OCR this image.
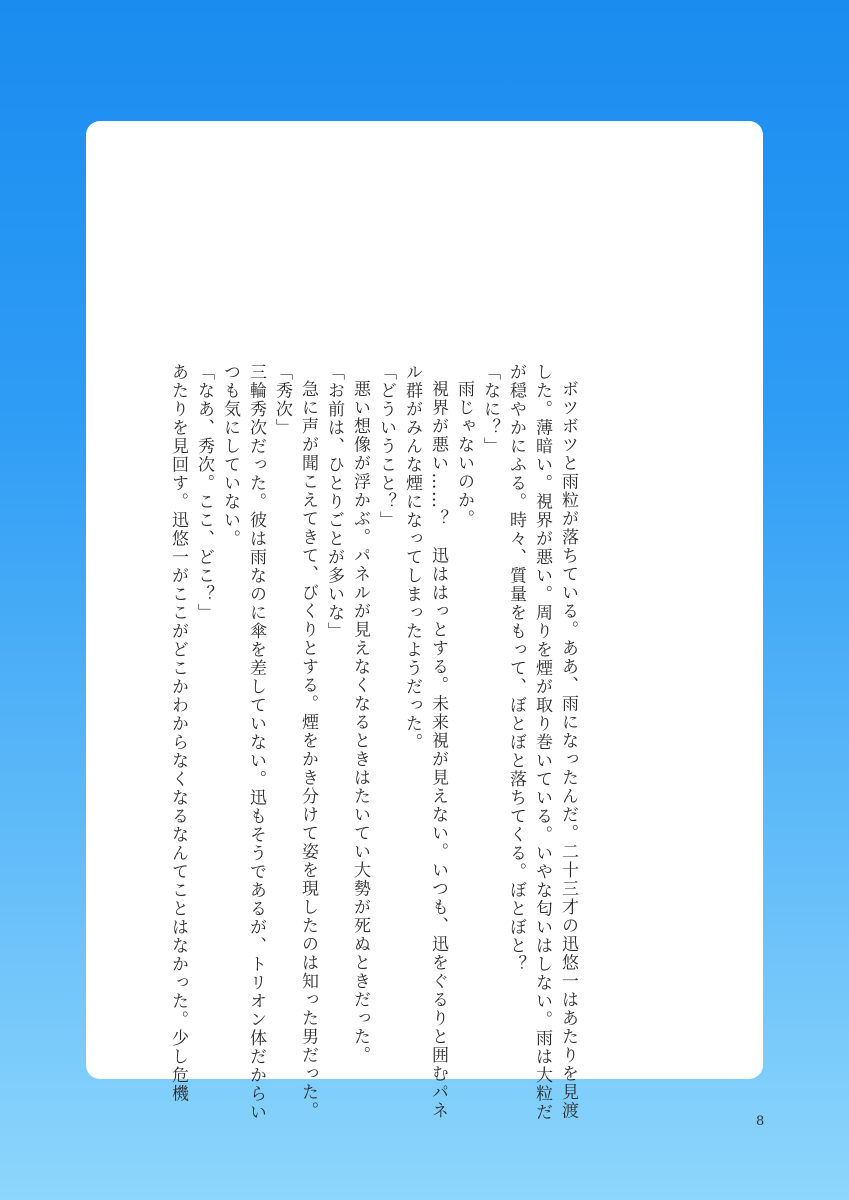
ボツボツと雨粒が落ちている。ああ、雨になったんだ。二十三才の迅悠一はあたりを見渡した。薄暗い。視界が悪い。周りを煙が取り巻いている。いやな匂いはしない。雨は大粒だが穏やかにふる。時々、質量をもって、ぼとぼと落ちてくる。ぼとぼと？

「なに？」

雨じゃないのか。

視界が悪い……？　迅ははっとする。未来視が見えない。いつも、迅をぐるりと囲むパネル群がみんな煙になってしまったようだった。

「どういうこと？」

悪い想像が浮かぶ。パネルが見えなくなるときはたいてい大勢が死ぬときだった。

「お前は、ひとりごとが多いな」

急に声が聞こえてきて、びくりとする。煙をかき分けて姿を現したのは知った男だった。

「秀次」

三輪秀次だった。彼は雨なのに傘を差していない。迅もそうであるが、トリオン体だからいつも気にしていない。

「なあ、秀次。ここ、どこ？」

あたりを見回す。迅悠一がここがどこかわからなくなるなんてことはなかった。少し危機

8
